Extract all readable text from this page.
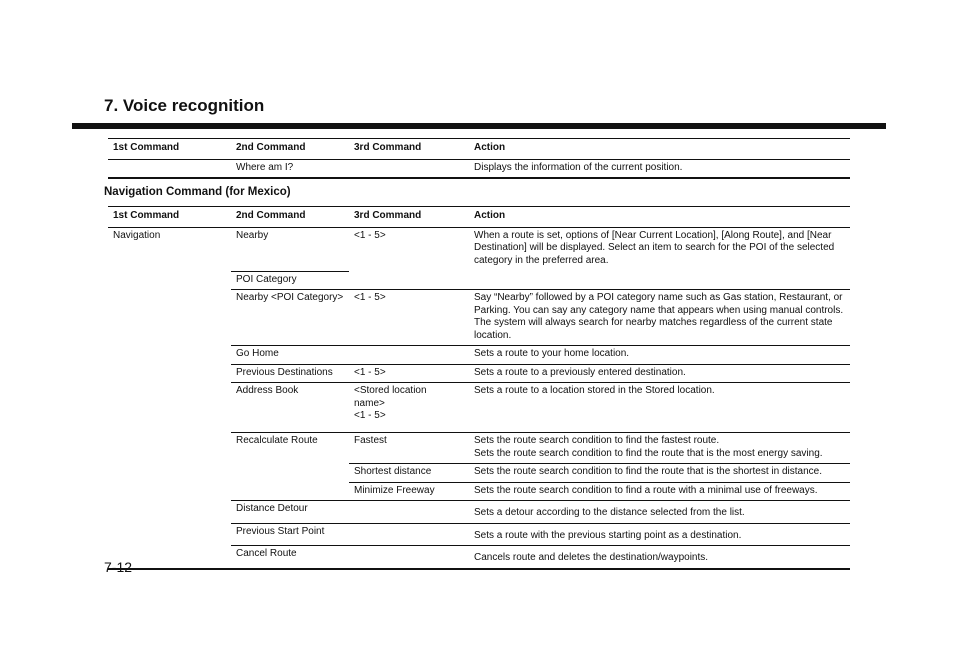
7. Voice recognition
1st Command	2nd Command	3rd Command	Action
	Where am I?		Displays the information of the current position.
Navigation Command (for Mexico)
1st Command	2nd Command	3rd Command	Action
Navigation	Nearby	<1 - 5>	When a route is set, options of [Near Current Location], [Along Route], and [Near Destination] will be displayed. Select an item to search for the POI of the selected category in the preferred area.
	POI Category		
	Nearby <POI Category>	<1 - 5>	Say “Nearby” followed by a POI category name such as Gas station, Restaurant, or Parking. You can say any category name that appears when using manual controls. The system will always search for nearby matches regardless of the current state location.
	Go Home		Sets a route to your home location.
	Previous Destinations	<1 - 5>	Sets a route to a previously entered destination.
	Address Book	<Stored location
name>
<1 - 5>	Sets a route to a location stored in the Stored location.
	Recalculate Route	Fastest	Sets the route search condition to find the fastest route.
Sets the route search condition to find the route that is the most energy saving.
		Shortest distance	Sets the route search condition to find the route that is the shortest in distance.
		Minimize Freeway	Sets the route search condition to find a route with a minimal use of freeways.
	Distance Detour		Sets a detour according to the distance selected from the list.
	Previous Start Point		Sets a route with the previous starting point as a destination.
	Cancel Route		Cancels route and deletes the destination/waypoints.
7-12
